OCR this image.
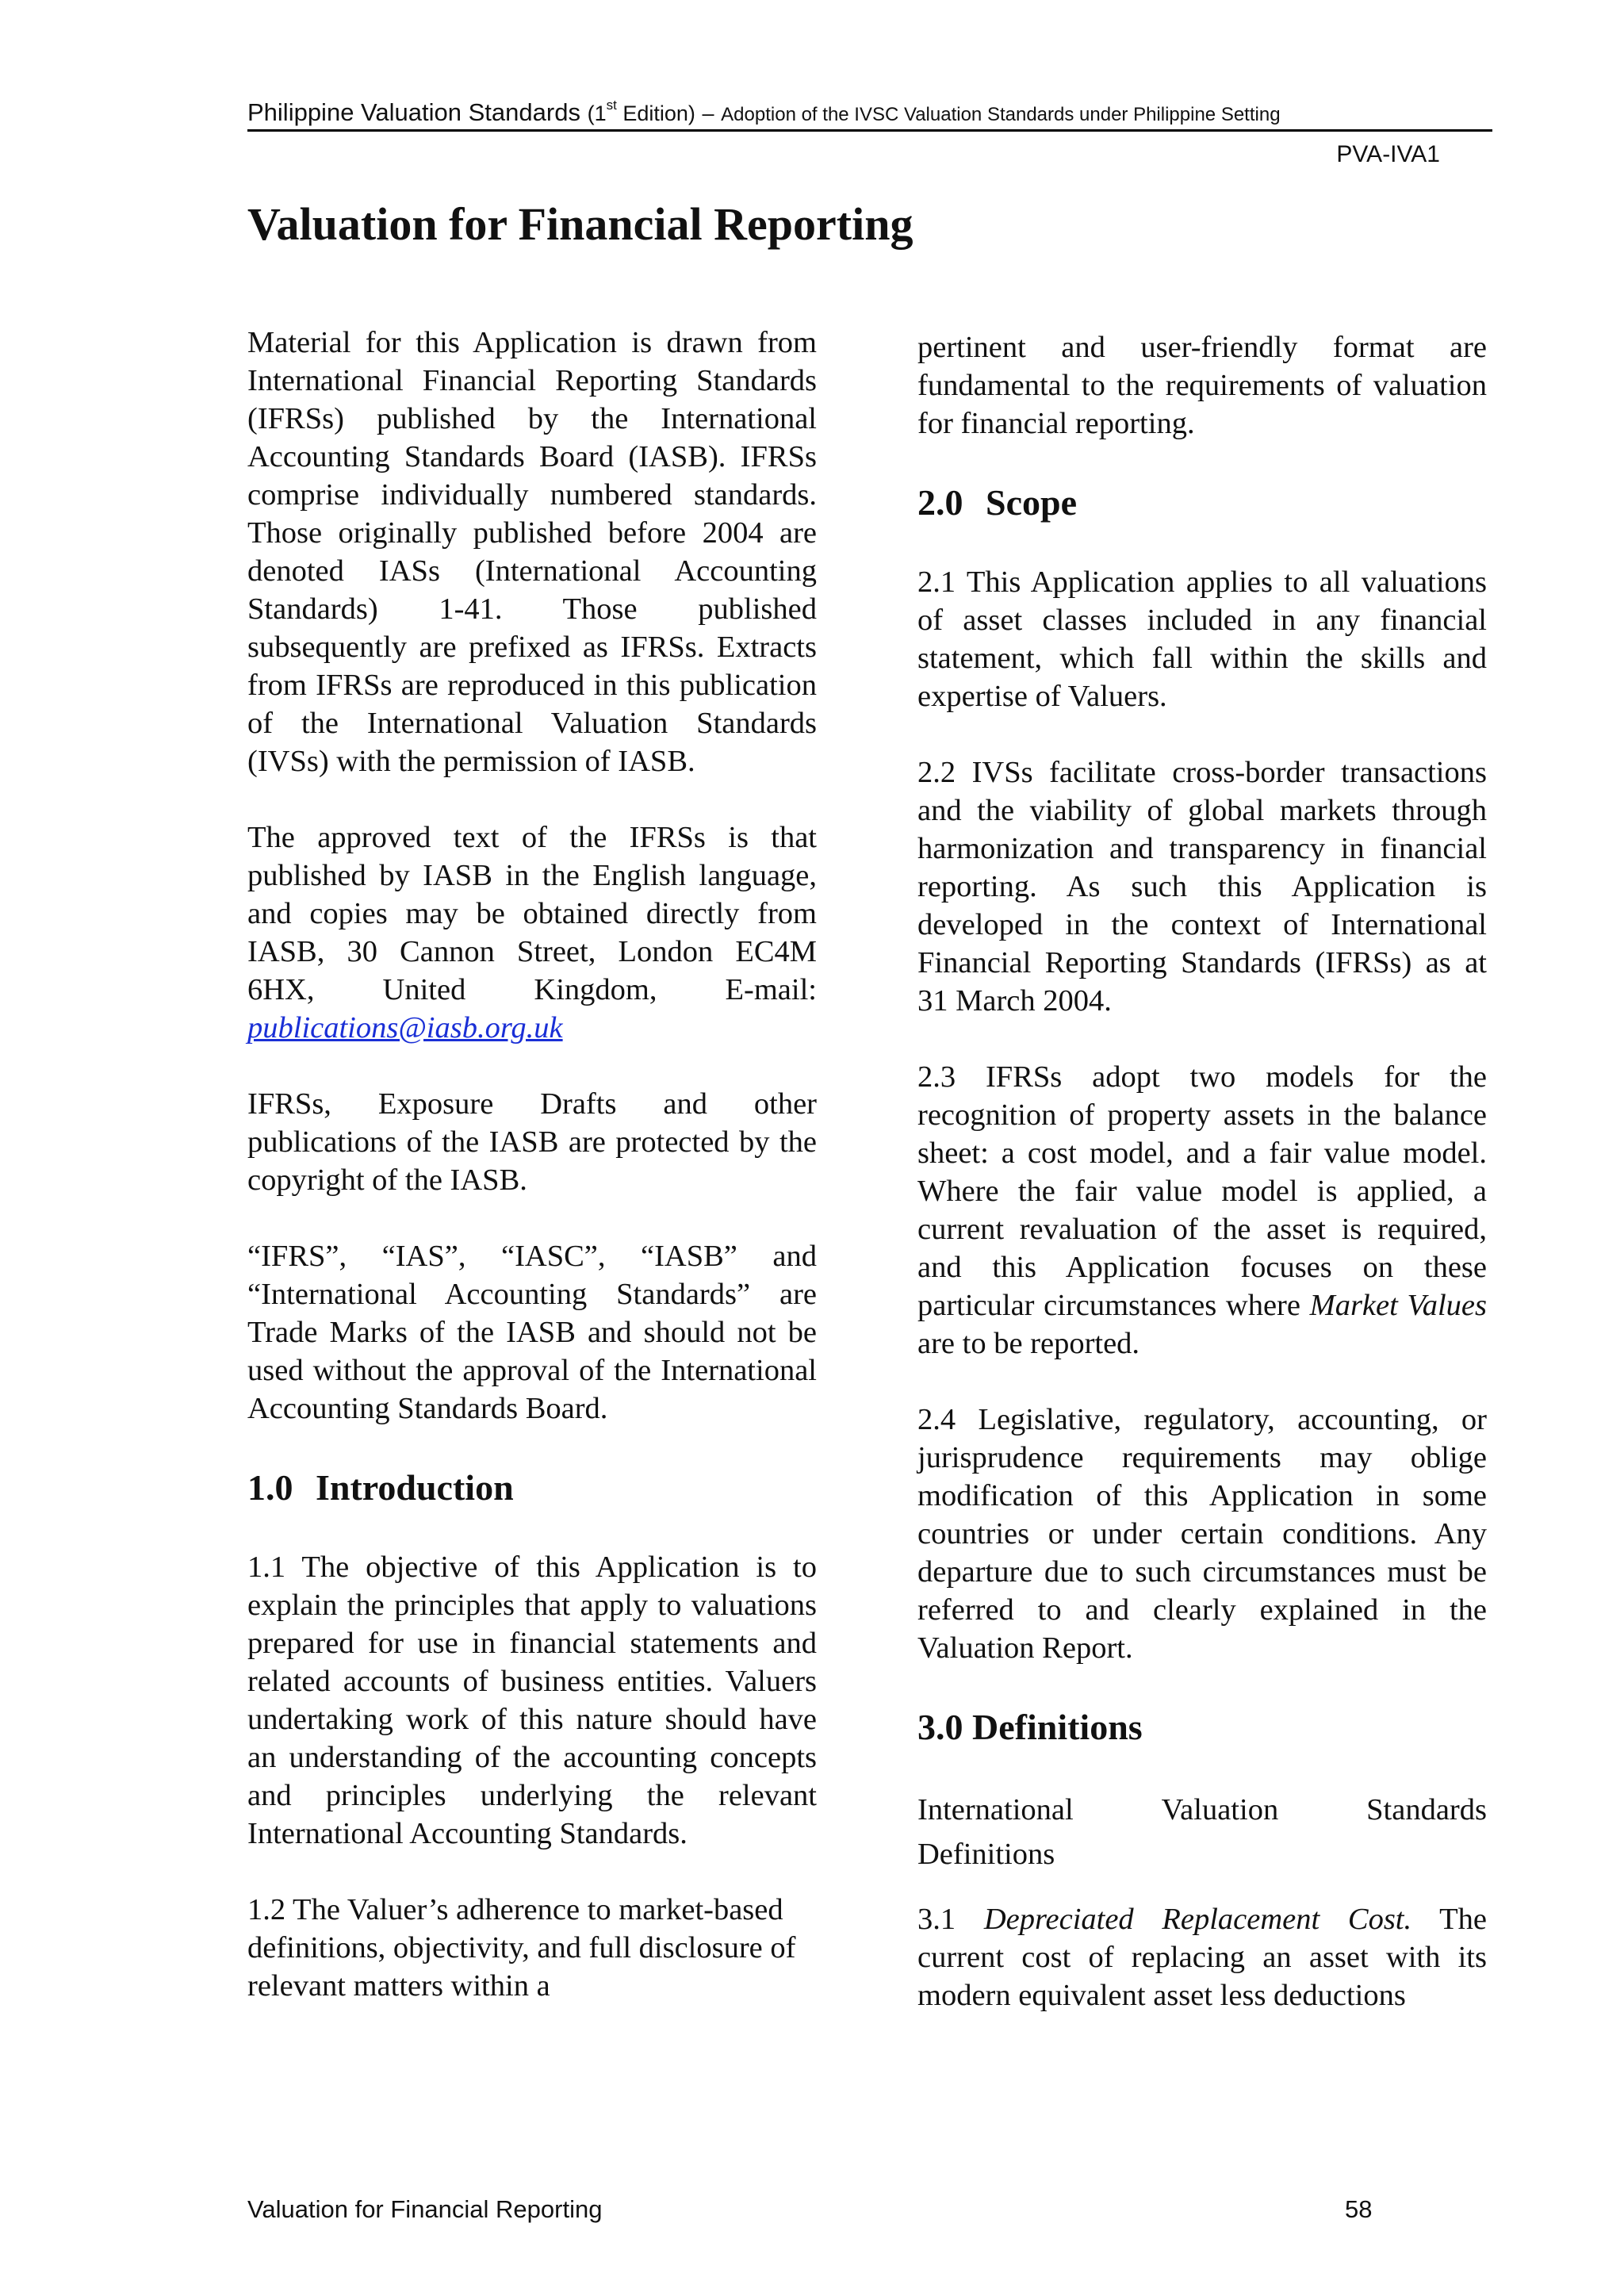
Philippine Valuation Standards (1st Edition) – Adoption of the IVSC Valuation Standards under Philippine Setting
PVA-IVA1
Valuation for Financial Reporting

Material for this Application is drawn from International Financial Reporting Standards (IFRSs) published by the International Accounting Standards Board (IASB). IFRSs comprise individually numbered standards. Those originally published before 2004 are denoted IASs (International Accounting Standards) 1-41. Those published subsequently are prefixed as IFRSs. Extracts from IFRSs are reproduced in this publication of the International Valuation Standards (IVSs) with the permission of IASB.

The approved text of the IFRSs is that published by IASB in the English language, and copies may be obtained directly from IASB, 30 Cannon Street, London EC4M 6HX, United Kingdom, E-mail: publications@iasb.org.uk

IFRSs, Exposure Drafts and other publications of the IASB are protected by the copyright of the IASB.

“IFRS”, “IAS”, “IASC”, “IASB” and “International Accounting Standards” are Trade Marks of the IASB and should not be used without the approval of the International Accounting Standards Board.

1.0 Introduction

1.1 The objective of this Application is to explain the principles that apply to valuations prepared for use in financial statements and related accounts of business entities. Valuers undertaking work of this nature should have an understanding of the accounting concepts and principles underlying the relevant International Accounting Standards.

1.2 The Valuer’s adherence to market-based definitions, objectivity, and full disclosure of relevant matters within a

pertinent and user-friendly format are fundamental to the requirements of valuation for financial reporting.

2.0 Scope

2.1 This Application applies to all valuations of asset classes included in any financial statement, which fall within the skills and expertise of Valuers.

2.2 IVSs facilitate cross-border transactions and the viability of global markets through harmonization and transparency in financial reporting. As such this Application is developed in the context of International Financial Reporting Standards (IFRSs) as at 31 March 2004.

2.3 IFRSs adopt two models for the recognition of property assets in the balance sheet: a cost model, and a fair value model. Where the fair value model is applied, a current revaluation of the asset is required, and this Application focuses on these particular circumstances where Market Values are to be reported.

2.4 Legislative, regulatory, accounting, or jurisprudence requirements may oblige modification of this Application in some countries or under certain conditions. Any departure due to such circumstances must be referred to and clearly explained in the Valuation Report.

3.0 Definitions
International	Valuation	Standards
Definitions

3.1 Depreciated Replacement Cost. The current cost of replacing an asset with its modern equivalent asset less deductions

Valuation for Financial Reporting	58
